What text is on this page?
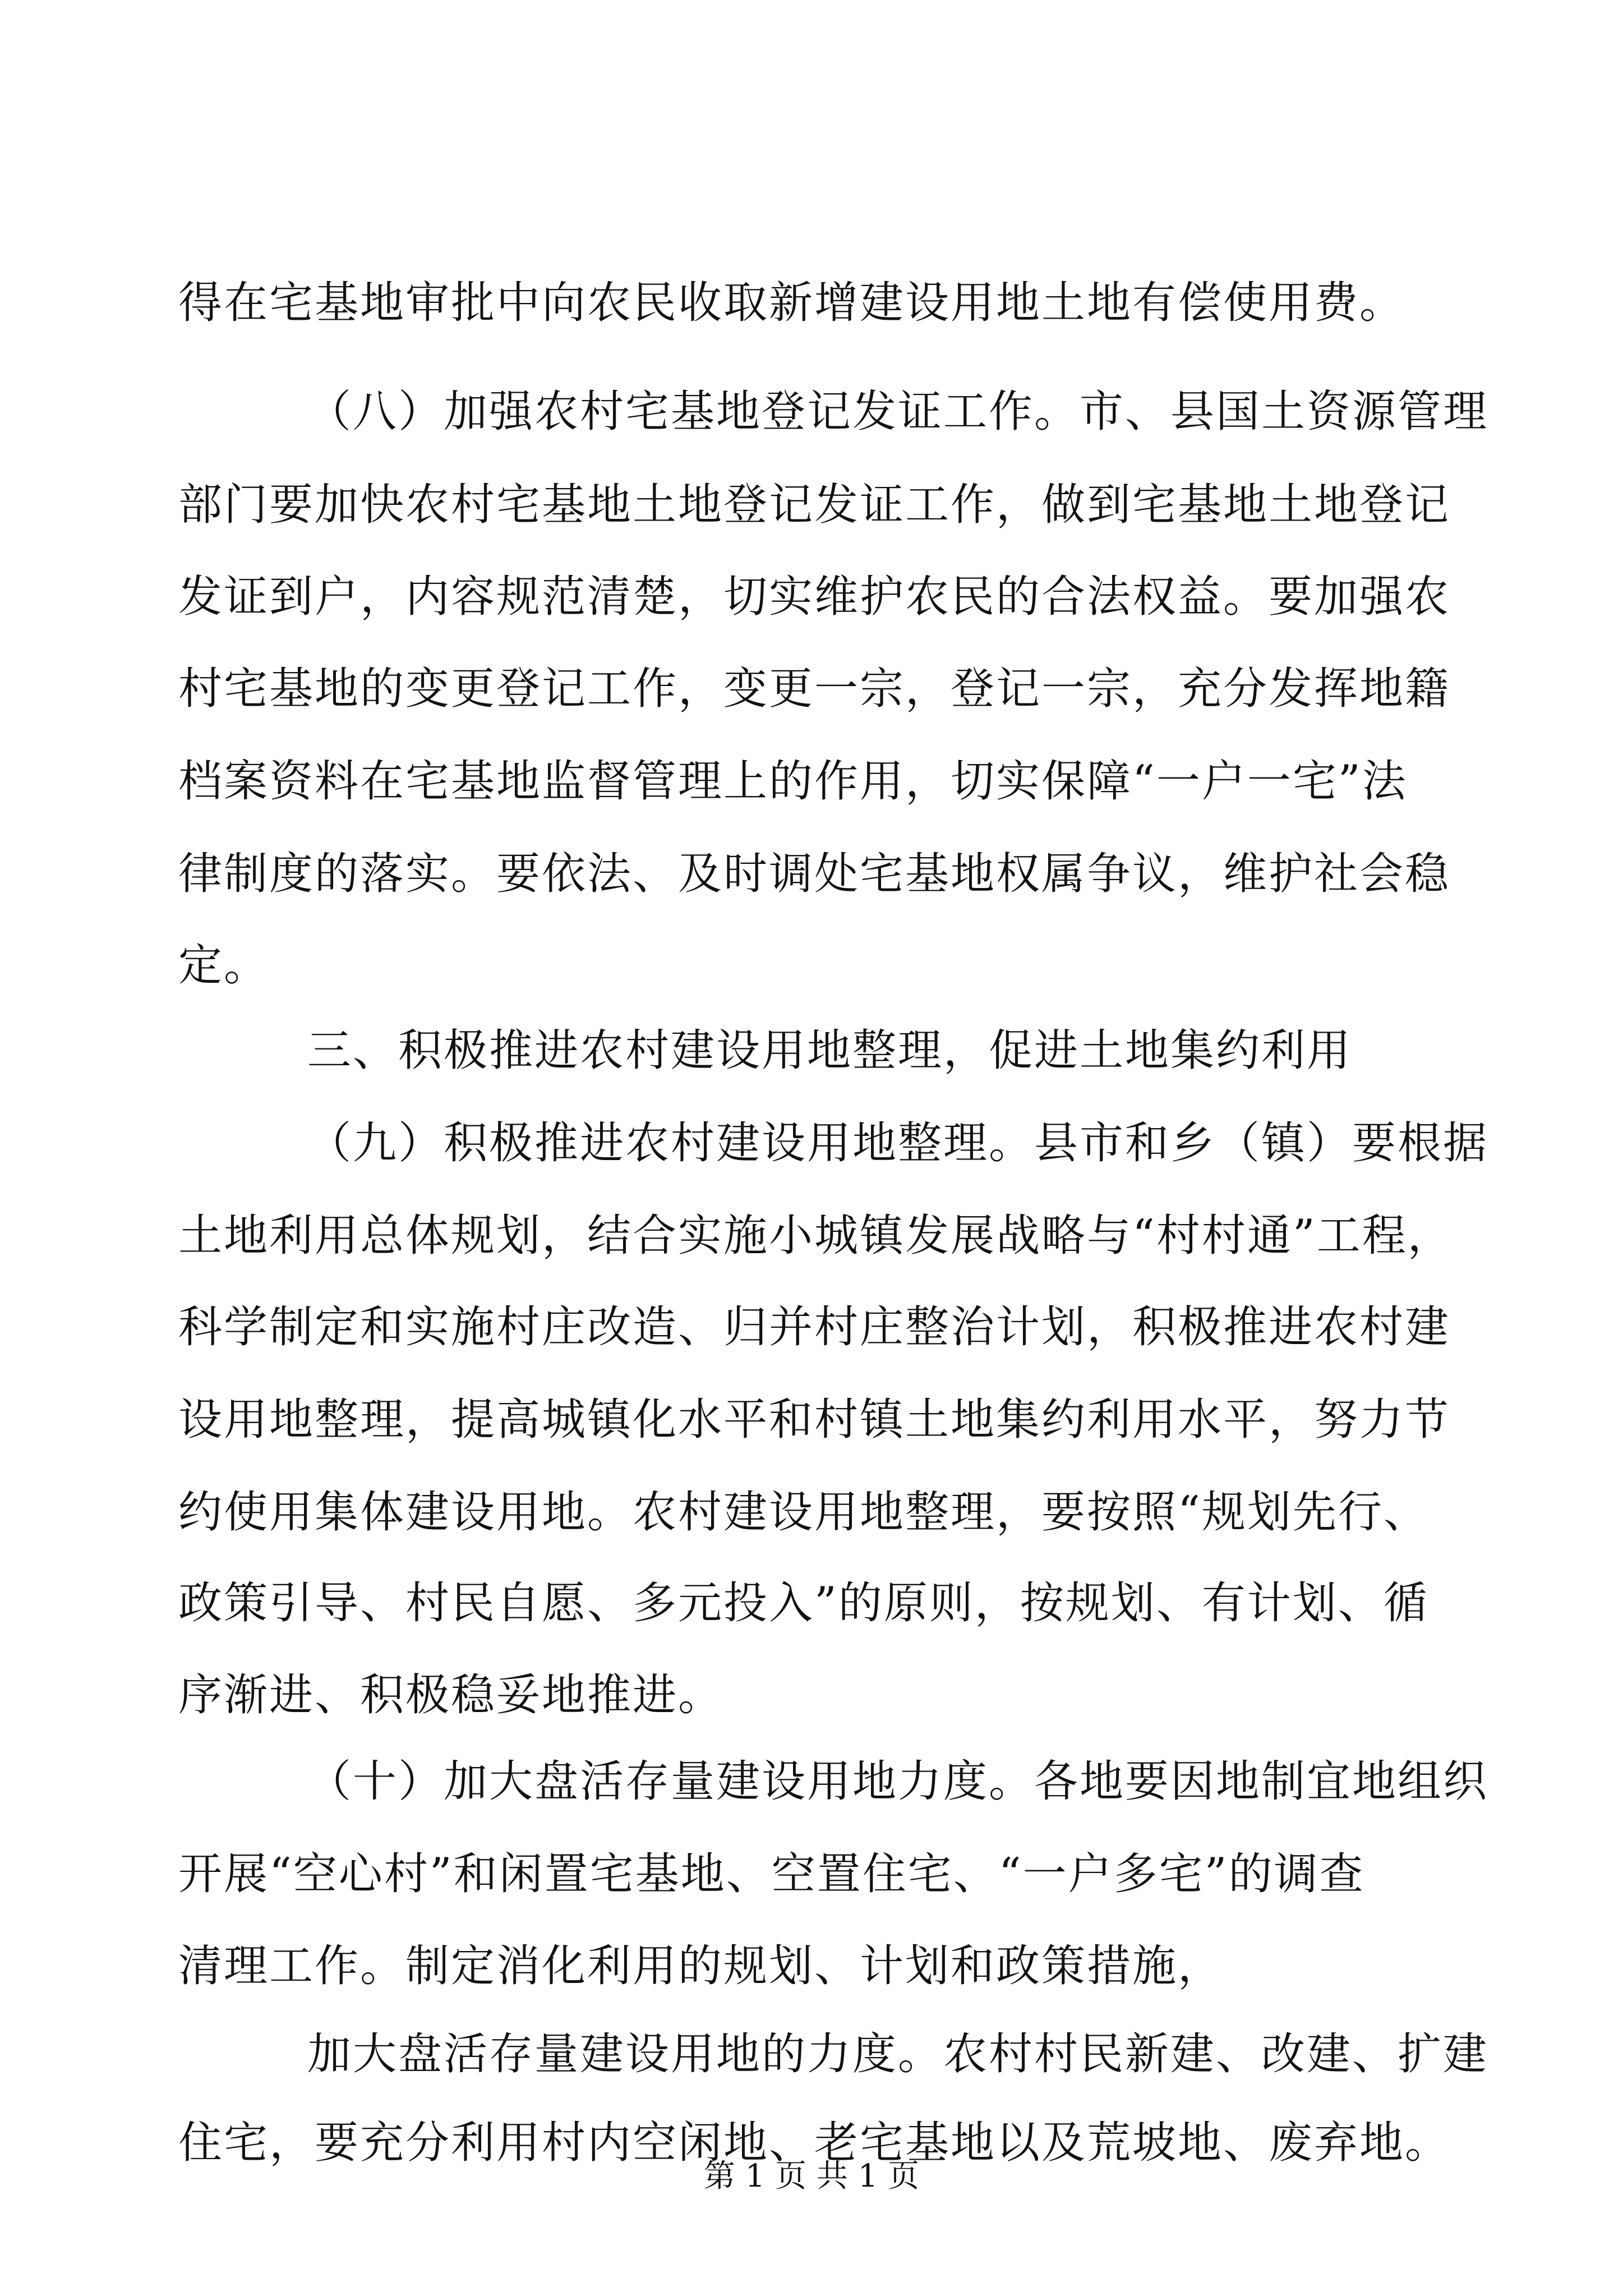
得在宅基地审批中向农民收取新增建设用地土地有偿使用费。
（八）加强农村宅基地登记发证工作。市、县国土资源管理
部门要加快农村宅基地土地登记发证工作，做到宅基地土地登记
发证到户，内容规范清楚，切实维护农民的合法权益。要加强农
村宅基地的变更登记工作，变更一宗，登记一宗，充分发挥地籍
档案资料在宅基地监督管理上的作用，切实保障“一户一宅”法
律制度的落实。要依法、及时调处宅基地权属争议，维护社会稳
定。
三、积极推进农村建设用地整理，促进土地集约利用
（九）积极推进农村建设用地整理。县市和乡（镇）要根据
土地利用总体规划，结合实施小城镇发展战略与“村村通”工程，
科学制定和实施村庄改造、归并村庄整治计划，积极推进农村建
设用地整理，提高城镇化水平和村镇土地集约利用水平，努力节
约使用集体建设用地。农村建设用地整理，要按照“规划先行、
政策引导、村民自愿、多元投入”的原则，按规划、有计划、循
序渐进、积极稳妥地推进。
（十）加大盘活存量建设用地力度。各地要因地制宜地组织
开展“空心村”和闲置宅基地、空置住宅、“一户多宅”的调查
清理工作。制定消化利用的规划、计划和政策措施，
加大盘活存量建设用地的力度。农村村民新建、改建、扩建
住宅，要充分利用村内空闲地、老宅基地以及荒坡地、废弃地。
第 1 页 共 1 页
